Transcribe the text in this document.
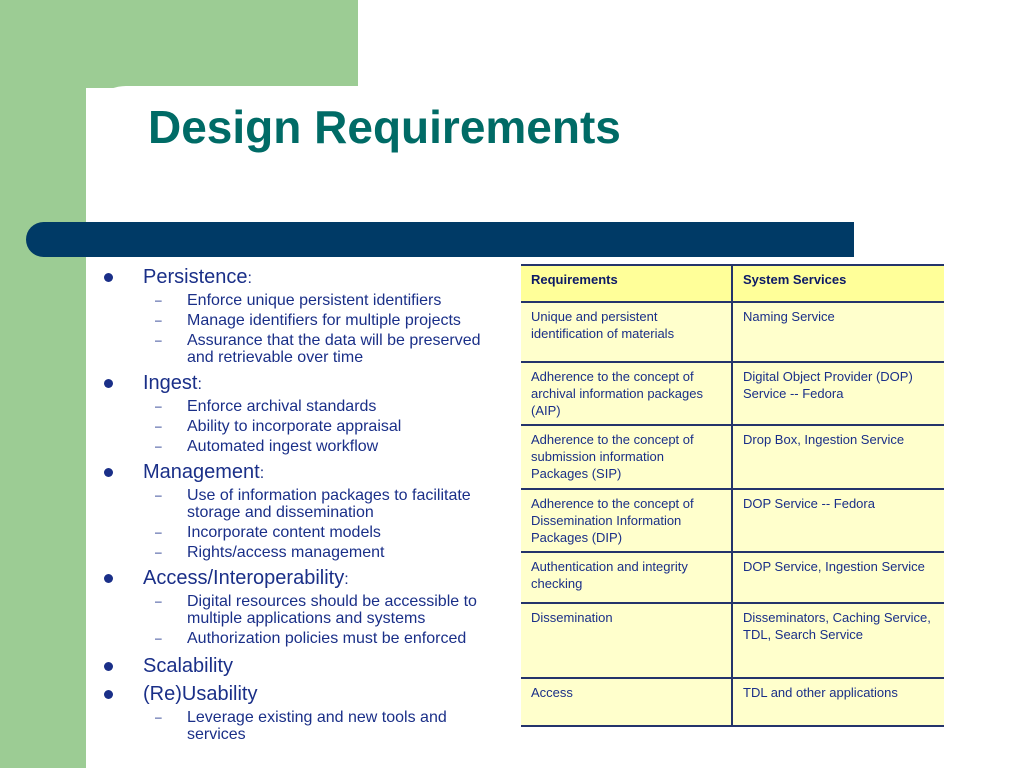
Design Requirements
Persistence:
– Enforce unique persistent identifiers
– Manage identifiers for multiple projects
– Assurance that the data will be preserved and retrievable over time
Ingest:
– Enforce archival standards
– Ability to incorporate appraisal
– Automated ingest workflow
Management:
– Use of information packages to facilitate storage and dissemination
– Incorporate content models
– Rights/access management
Access/Interoperability:
– Digital resources should be accessible to multiple applications and systems
– Authorization policies must be enforced
Scalability
(Re)Usability
– Leverage existing and new tools and services
Requirements	System Services
Unique and persistent identification of materials	Naming Service
Adherence to the concept of archival information packages (AIP)	Digital Object Provider (DOP) Service -- Fedora
Adherence to the concept of submission information Packages (SIP)	Drop Box, Ingestion Service
Adherence to the concept of Dissemination Information Packages (DIP)	DOP Service -- Fedora
Authentication and integrity checking	DOP Service, Ingestion Service
Dissemination	Disseminators, Caching Service, TDL, Search Service
Access	TDL and other applications
